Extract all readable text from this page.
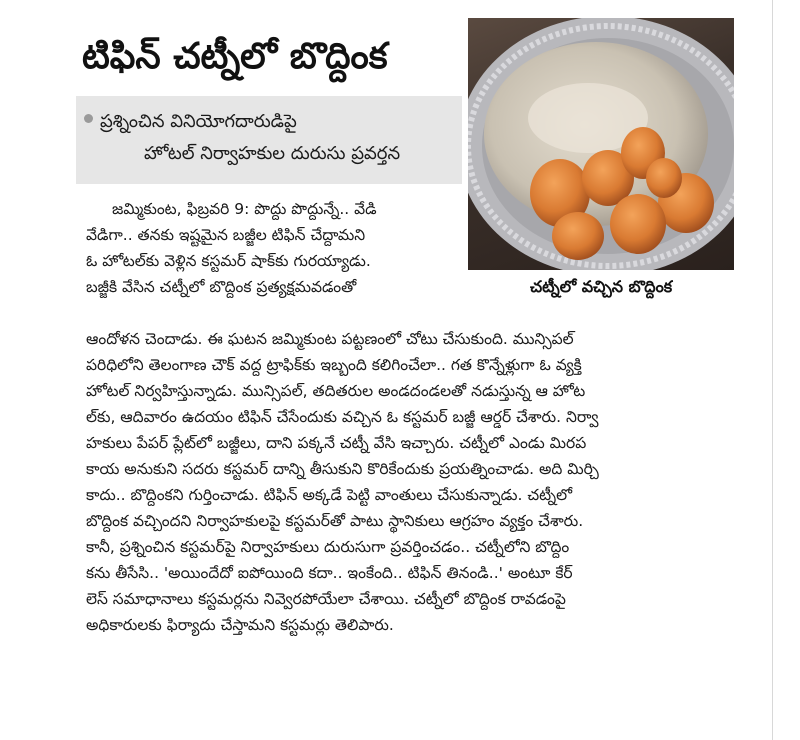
టిఫిన్‌ చట్నీలో బొద్దింక
ప్రశ్నించిన వినియోగదారుడిపై
హోటల్‌ నిర్వాహకుల దురుసు ప్రవర్తన
చట్నీలో వచ్చిన బొద్దింక
జమ్మికుంట, ఫిబ్రవరి 9: పొద్దు పొద్దున్నే.. వేడి
వేడిగా.. తనకు ఇష్టమైన బజ్జీల టిఫిన్‌ చేద్దామని
ఓ హోటల్‌కు వెళ్లిన కస్టమర్‌ షాక్‌కు గురయ్యాడు.
బజ్జీకి వేసిన చట్నీలో బొద్దింక ప్రత్యక్షమవడంతో
ఆందోళన చెందాడు. ఈ ఘటన జమ్మికుంట పట్టణంలో చోటు చేసుకుంది. మున్సిపల్‌
పరిధిలోని తెలంగాణ చౌక్‌ వద్ద ట్రాఫిక్‌కు ఇబ్బంది కలిగించేలా.. గత కొన్నేళ్లుగా ఓ వ్యక్తి
హోటల్‌ నిర్వహిస్తున్నాడు. మున్సిపల్‌, తదితరుల అండదండలతో నడుస్తున్న ఆ హోట
ల్‌కు, ఆదివారం ఉదయం టిఫిన్‌ చేసేందుకు వచ్చిన ఓ కస్టమర్‌ బజ్జీ ఆర్డర్‌ చేశారు. నిర్వా
హకులు పేపర్‌ ప్లేట్‌లో బజ్జీలు, దాని పక్కనే చట్నీ వేసి ఇచ్చారు. చట్నీలో ఎండు మిరప
కాయ అనుకుని సదరు కస్టమర్‌ దాన్ని తీసుకుని కొరికేందుకు ప్రయత్నించాడు. అది మిర్చి
కాదు.. బొద్దింకని గుర్తించాడు. టిఫిన్‌ అక్కడే పెట్టి వాంతులు చేసుకున్నాడు. చట్నీలో
బొద్దింక వచ్చిందని నిర్వాహకులపై కస్టమర్‌తో పాటు స్థానికులు ఆగ్రహం వ్యక్తం చేశారు.
కానీ, ప్రశ్నించిన కస్టమర్‌పై నిర్వాహకులు దురుసుగా ప్రవర్తించడం.. చట్నీలోని బొద్దిం
కను తీసేసి.. 'అయిందేదో ఐపోయింది కదా.. ఇంకేంది.. టిఫిన్‌ తినండి..' అంటూ కేర్‌
లెస్‌ సమాధానాలు కస్టమర్లను నివ్వెరపోయేలా చేశాయి. చట్నీలో బొద్దింక రావడంపై
అధికారులకు ఫిర్యాదు చేస్తామని కస్టమర్లు తెలిపారు.
